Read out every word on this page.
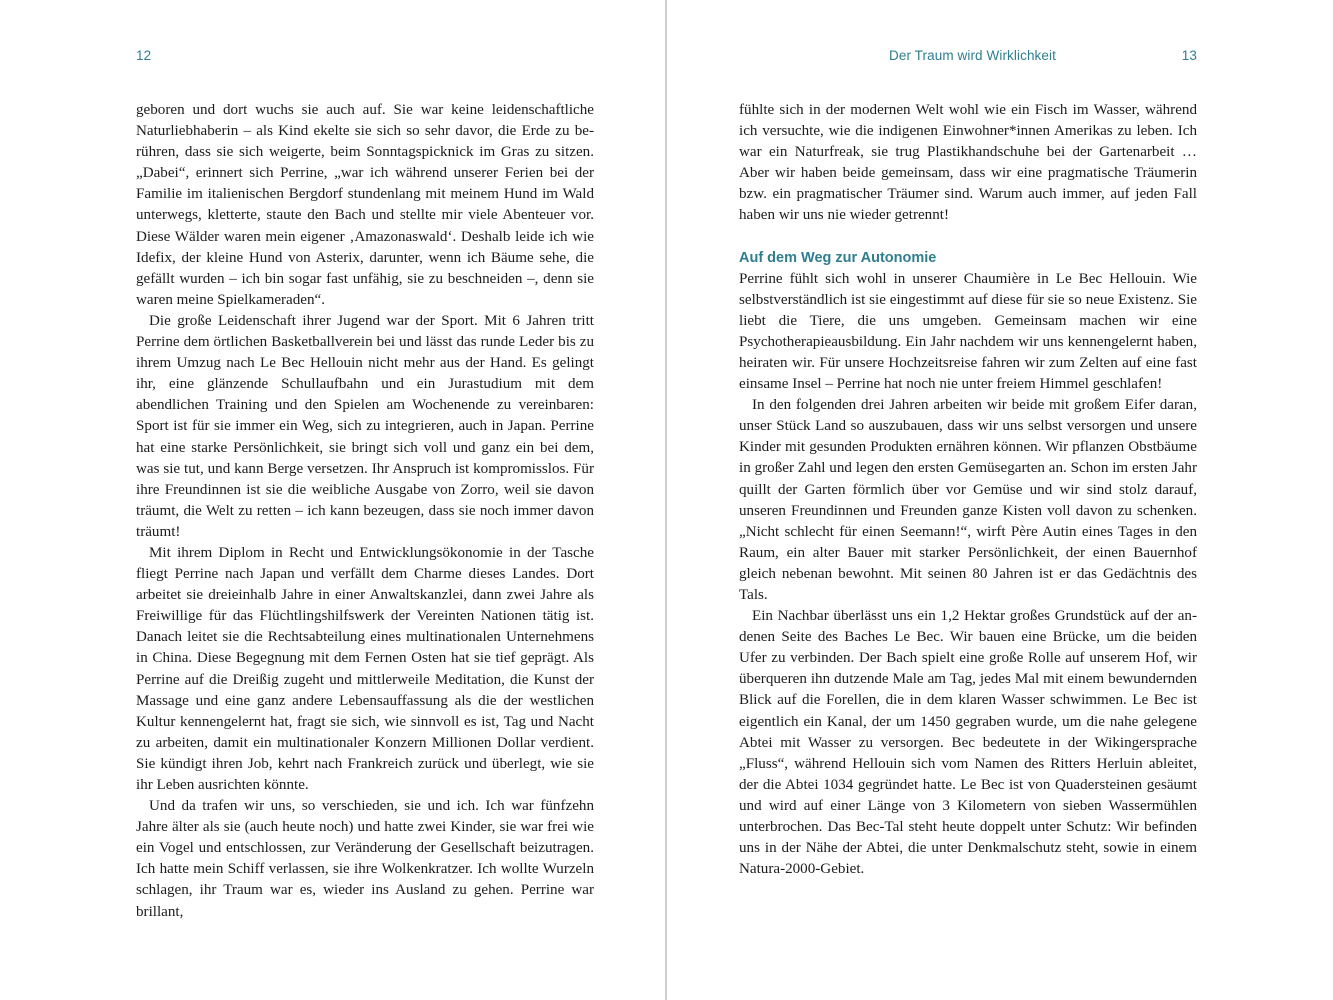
12

geboren und dort wuchs sie auch auf. Sie war keine leidenschaftliche Naturliebhaberin – als Kind ekelte sie sich so sehr davor, die Erde zu berühren, dass sie sich weigerte, beim Sonntagspicknick im Gras zu sitzen. „Dabei“, erinnert sich Perrine, „war ich während unserer Ferien bei der Familie im italienischen Bergdorf stundenlang mit meinem Hund im Wald unterwegs, kletterte, staute den Bach und stellte mir viele Abenteuer vor. Diese Wälder waren mein eigener ‚Amazonaswald‘. Deshalb leide ich wie Idefix, der kleine Hund von Asterix, darunter, wenn ich Bäume sehe, die gefällt wurden – ich bin sogar fast unfähig, sie zu beschneiden –, denn sie waren meine Spielkameraden“.

Die große Leidenschaft ihrer Jugend war der Sport. Mit 6 Jahren tritt Perrine dem örtlichen Basketballverein bei und lässt das runde Leder bis zu ihrem Umzug nach Le Bec Hellouin nicht mehr aus der Hand. Es gelingt ihr, eine glänzende Schullaufbahn und ein Jurastudium mit dem abendlichen Training und den Spielen am Wochenende zu vereinbaren: Sport ist für sie immer ein Weg, sich zu integrieren, auch in Japan. Perrine hat eine starke Persönlichkeit, sie bringt sich voll und ganz ein bei dem, was sie tut, und kann Berge versetzen. Ihr Anspruch ist kompromisslos. Für ihre Freundinnen ist sie die weibliche Ausgabe von Zorro, weil sie davon träumt, die Welt zu retten – ich kann bezeugen, dass sie noch immer davon träumt!

Mit ihrem Diplom in Recht und Entwicklungsökonomie in der Tasche fliegt Perrine nach Japan und verfällt dem Charme dieses Landes. Dort arbeitet sie dreieinhalb Jahre in einer Anwaltskanzlei, dann zwei Jahre als Freiwillige für das Flüchtlingshilfswerk der Vereinten Nationen tätig ist. Danach leitet sie die Rechtsabteilung eines multinationalen Unternehmens in China. Diese Begegnung mit dem Fernen Osten hat sie tief geprägt. Als Perrine auf die Dreißig zugeht und mittlerweile Meditation, die Kunst der Massage und eine ganz andere Lebensauffassung als die der westlichen Kultur kennengelernt hat, fragt sie sich, wie sinnvoll es ist, Tag und Nacht zu arbeiten, damit ein multinationaler Konzern Millionen Dollar verdient. Sie kündigt ihren Job, kehrt nach Frankreich zurück und überlegt, wie sie ihr Leben ausrichten könnte.

Und da trafen wir uns, so verschieden, sie und ich. Ich war fünfzehn Jahre älter als sie (auch heute noch) und hatte zwei Kinder, sie war frei wie ein Vogel und entschlossen, zur Veränderung der Gesellschaft beizutragen. Ich hatte mein Schiff verlassen, sie ihre Wolkenkratzer. Ich wollte Wurzeln schlagen, ihr Traum war es, wieder ins Ausland zu gehen. Perrine war brillant,

Der Traum wird Wirklichkeit	13

fühlte sich in der modernen Welt wohl wie ein Fisch im Wasser, während ich versuchte, wie die indigenen Einwohner*innen Amerikas zu leben. Ich war ein Naturfreak, sie trug Plastikhandschuhe bei der Gartenarbeit … Aber wir haben beide gemeinsam, dass wir eine pragmatische Träumerin bzw. ein pragmatischer Träumer sind. Warum auch immer, auf jeden Fall haben wir uns nie wieder getrennt!

Auf dem Weg zur Autonomie

Perrine fühlt sich wohl in unserer Chaumière in Le Bec Hellouin. Wie selbstverständlich ist sie eingestimmt auf diese für sie so neue Existenz. Sie liebt die Tiere, die uns umgeben. Gemeinsam machen wir eine Psychotherapieausbildung. Ein Jahr nachdem wir uns kennengelernt haben, heiraten wir. Für unsere Hochzeitsreise fahren wir zum Zelten auf eine fast einsame Insel – Perrine hat noch nie unter freiem Himmel geschlafen!

In den folgenden drei Jahren arbeiten wir beide mit großem Eifer daran, unser Stück Land so auszubauen, dass wir uns selbst versorgen und unsere Kinder mit gesunden Produkten ernähren können. Wir pflanzen Obstbäume in großer Zahl und legen den ersten Gemüsegarten an. Schon im ersten Jahr quillt der Garten förmlich über vor Gemüse und wir sind stolz darauf, unseren Freundinnen und Freunden ganze Kisten voll davon zu schenken. „Nicht schlecht für einen Seemann!“, wirft Père Autin eines Tages in den Raum, ein alter Bauer mit starker Persönlichkeit, der einen Bauernhof gleich nebenan bewohnt. Mit seinen 80 Jahren ist er das Gedächtnis des Tals.

Ein Nachbar überlässt uns ein 1,2 Hektar großes Grundstück auf der andenen Seite des Baches Le Bec. Wir bauen eine Brücke, um die beiden Ufer zu verbinden. Der Bach spielt eine große Rolle auf unserem Hof, wir überqueren ihn dutzende Male am Tag, jedes Mal mit einem bewundernden Blick auf die Forellen, die in dem klaren Wasser schwimmen. Le Bec ist eigentlich ein Kanal, der um 1450 gegraben wurde, um die nahe gelegene Abtei mit Wasser zu versorgen. Bec bedeutete in der Wikingersprache „Fluss“, während Hellouin sich vom Namen des Ritters Herluin ableitet, der die Abtei 1034 gegründet hatte. Le Bec ist von Quadersteinen gesäumt und wird auf einer Länge von 3 Kilometern von sieben Wassermühlen unterbrochen. Das Bec-Tal steht heute doppelt unter Schutz: Wir befinden uns in der Nähe der Abtei, die unter Denkmalschutz steht, sowie in einem Natura-2000-Gebiet.
